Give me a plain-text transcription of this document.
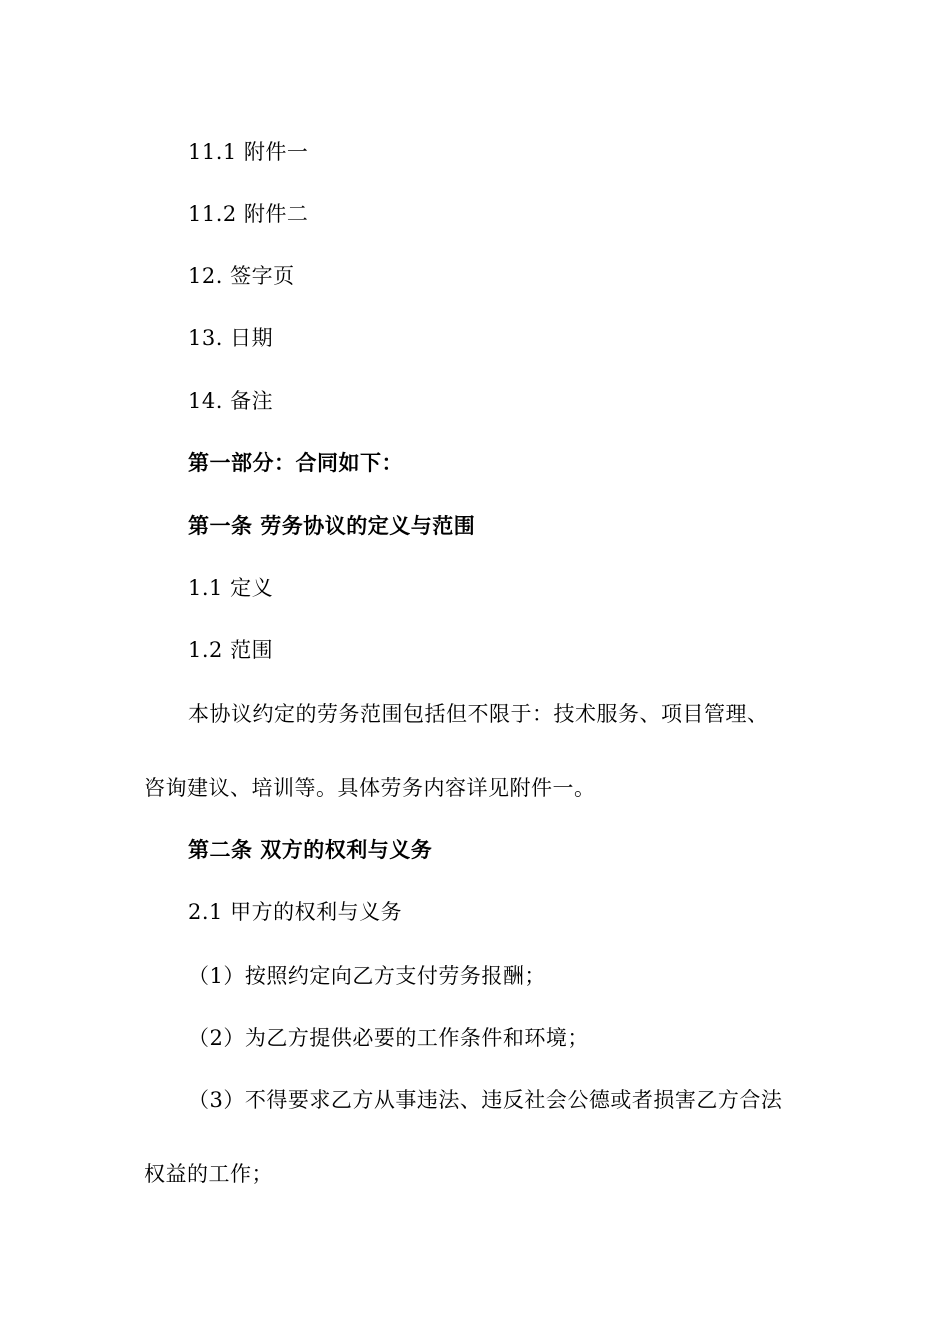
11.1 附件一
11.2 附件二
12. 签字页
13. 日期
14. 备注
第一部分：合同如下：
第一条 劳务协议的定义与范围
1.1 定义
1.2 范围
本协议约定的劳务范围包括但不限于：技术服务、项目管理、
咨询建议、培训等。具体劳务内容详见附件一。
第二条 双方的权利与义务
2.1 甲方的权利与义务
（1）按照约定向乙方支付劳务报酬；
（2）为乙方提供必要的工作条件和环境；
（3）不得要求乙方从事违法、违反社会公德或者损害乙方合法
权益的工作；
